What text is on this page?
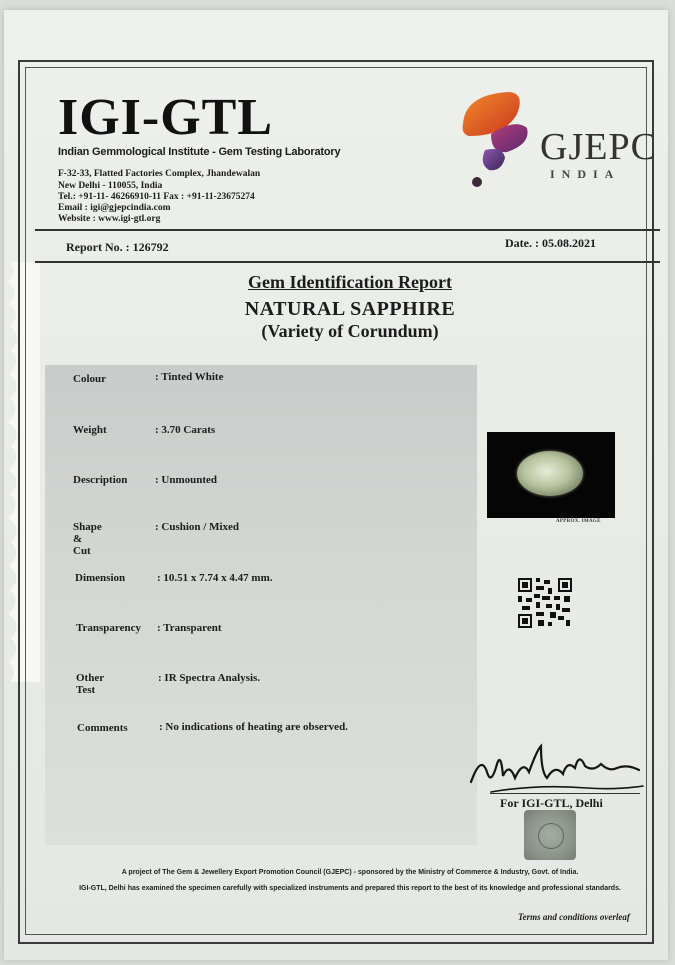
IGI-GTL
Indian Gemmological Institute - Gem Testing Laboratory
F-32-33, Flatted Factories Complex, Jhandewalan
New Delhi - 110055, India
Tel.: +91-11- 46266910-11 Fax : +91-11-23675274
Email : igi@gjepcindia.com
Website : www.igi-gtl.org
GJEPC
INDIA
Report No. : 126792	Date. : 05.08.2021
Gem Identification Report
NATURAL SAPPHIRE
(Variety of Corundum)
Colour	: Tinted White
Weight	: 3.70 Carats
Description	: Unmounted
Shape & Cut
: Cushion / Mixed
Dimension	: 10.51 x 7.74 x 4.47 mm.
Transparency : Transparent
Other Test
: IR Spectra Analysis.
Comments	: No indications of heating are observed.
APPROX. IMAGE
For IGI-GTL, Delhi
A project of The Gem & Jewellery Export Promotion Council (GJEPC) - sponsored by the Ministry of Commerce & Industry, Govt. of India.
IGI-GTL, Delhi has examined the specimen carefully with specialized instruments and prepared this report to the best of its knowledge and professional standards.
Terms and conditions overleaf
